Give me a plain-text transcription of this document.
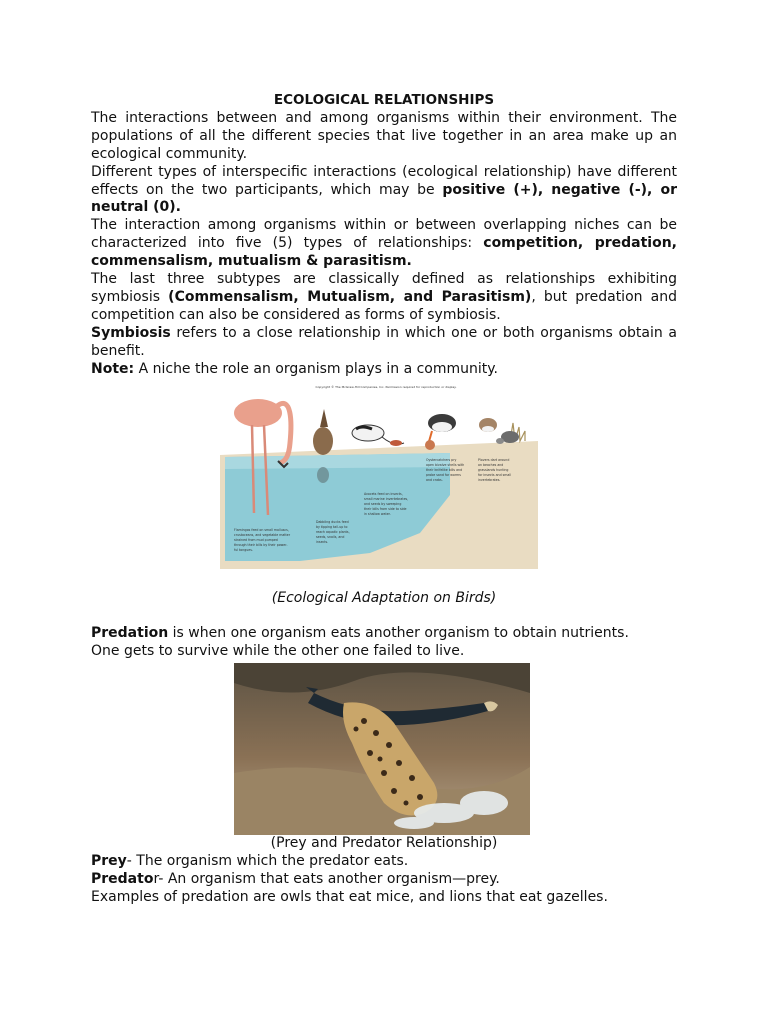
ECOLOGICAL RELATIONSHIPS

The interactions between and among organisms within their environment. The populations of all the different species that live together in an area make up an ecological community.

Different types of interspecific interactions (ecological relationship) have different effects on the two participants, which may be positive (+), negative (-), or neutral (0).

The interaction among organisms within or between overlapping niches can be characterized into five (5) types of relationships: competition, predation, commensalism, mutualism & parasitism.

The last three subtypes are classically defined as relationships exhibiting symbiosis (Commensalism, Mutualism, and Parasitism), but predation and competition can also be considered as forms of symbiosis.

Symbiosis refers to a close relationship in which one or both organisms obtain a benefit.

Note: A niche the role an organism plays in a community.

Copyright © The McGraw-Hill Companies, Inc. Permission required for reproduction or display.
Flamingos feed on small molluscs, crustaceans, and vegetable matter strained from mud pumped through their bills by their power- ful tongues.
Dabbling ducks feed by tipping tail-up to reach aquatic plants, seeds, snails, and insects.
Avocets feed on insects, small marine invertebrates, and seeds by sweeping their bills from side to side in shallow water.
Oystercatchers pry open bivalve shells with their knifelike bills and probe sand for worms and crabs.
Plovers dart around on beaches and grasslands hunting for insects and small invertebrates.

(Ecological Adaptation on Birds)

Predation is when one organism eats another organism to obtain nutrients.

One gets to survive while the other one failed to live.

(Prey and Predator Relationship)

Prey- The organism which the predator eats.

Predator- An organism that eats another organism—prey.

Examples of predation are owls that eat mice, and lions that eat gazelles.
